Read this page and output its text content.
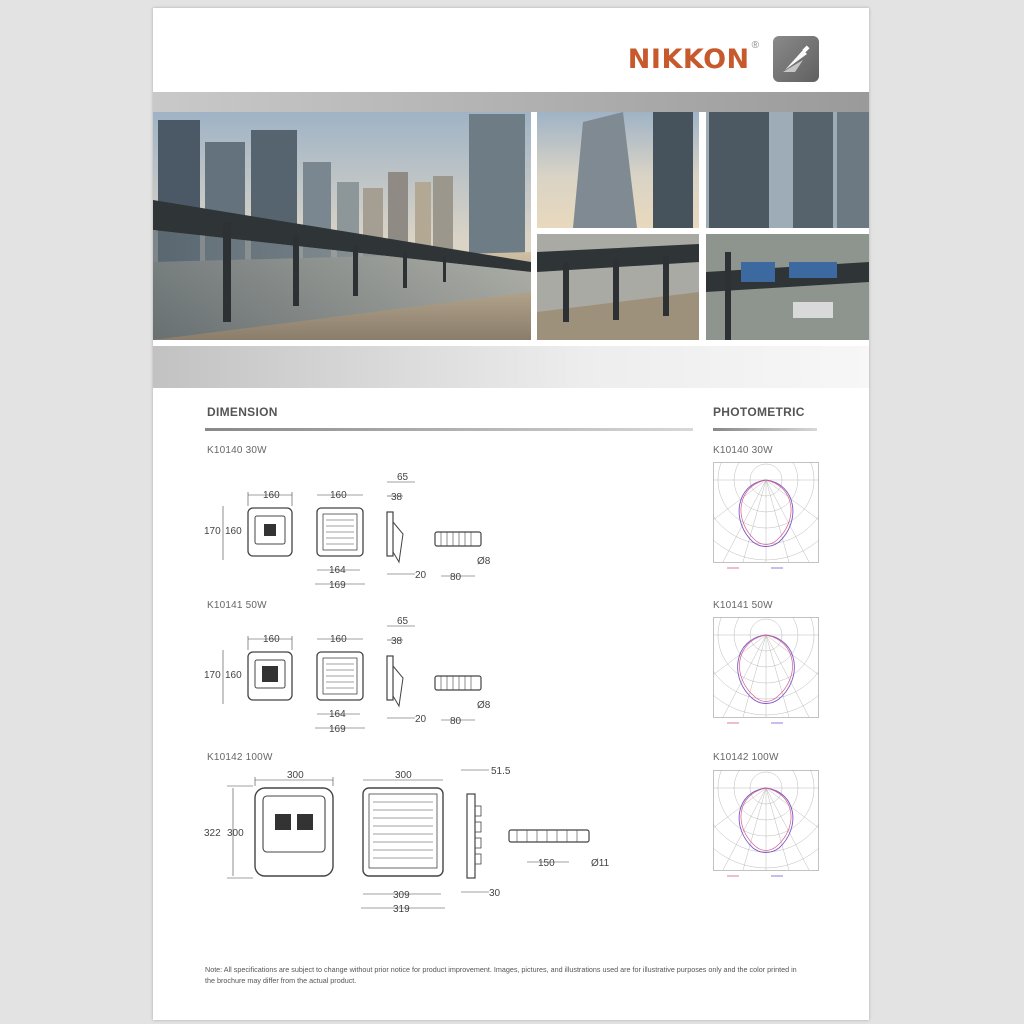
NIKKON ®
DIMENSION	PHOTOMETRIC
K10140 30W
160
170 160
160
164
169
65
38
20 80
Ø8
K10141 50W
160
170 160
160
164
169
65
38
20 80
Ø8
K10142 100W
300
322 300
300
309
319
51.5
30
150	Ø11
K10140 30W
K10141 50W
K10142 100W
Note: All specifications are subject to change without prior notice for product improvement. Images, pictures, and illustrations used are for illustrative purposes only and the color printed in the brochure may differ from the actual product.
